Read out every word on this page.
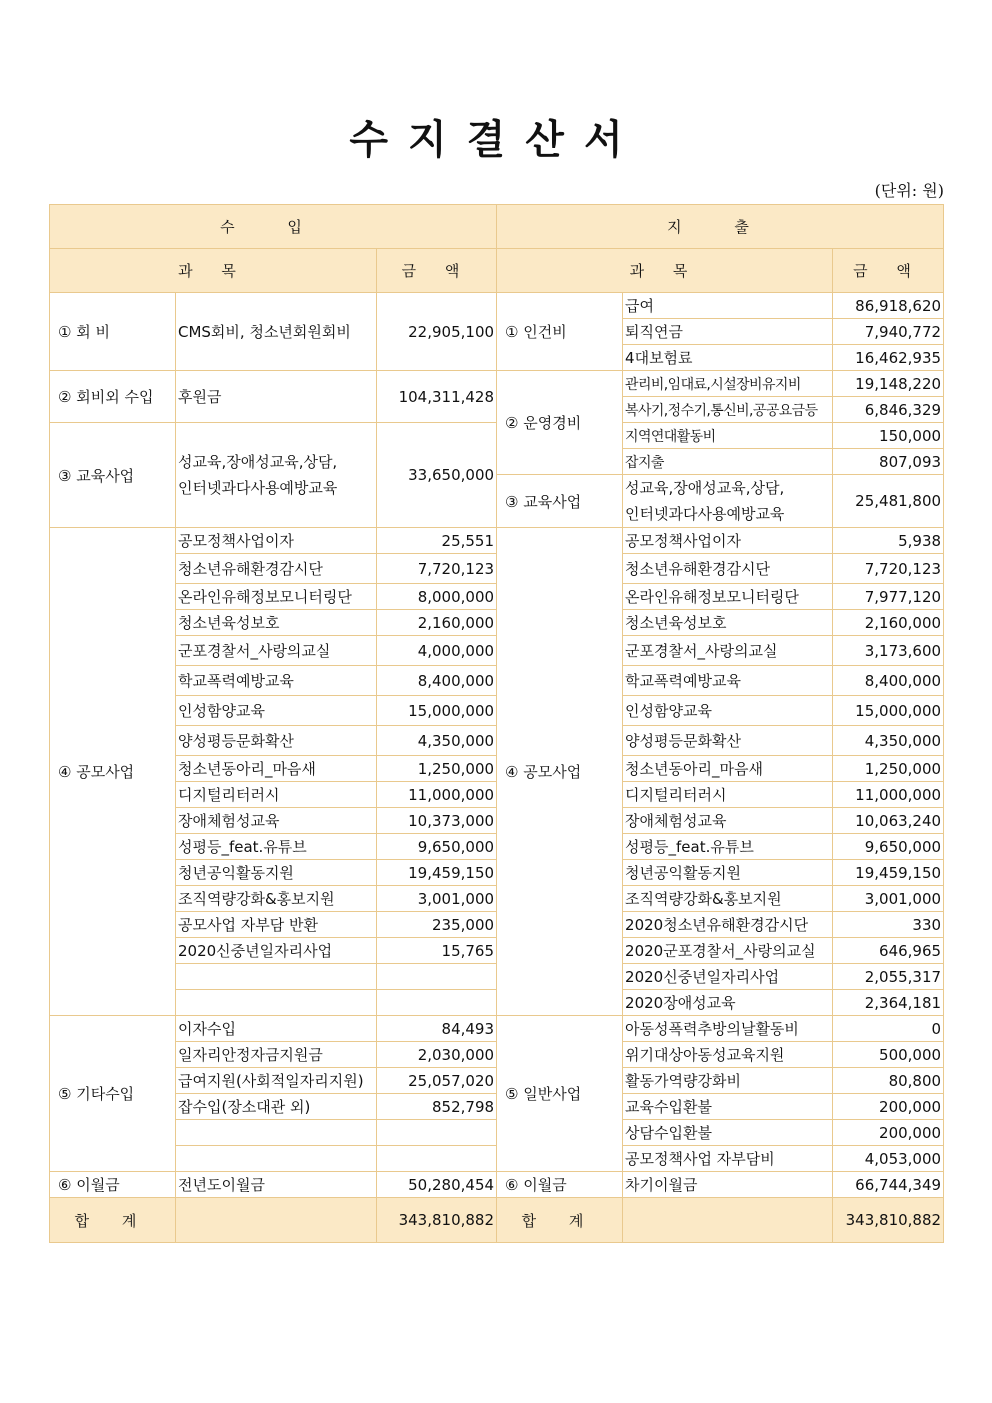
수지결산서
(단위: 원)
수 입			지 출		
과 목		금 액	과 목		금 액
① 회 비	CMS회비, 청소년회원회비	22,905,100	① 인건비	급여	86,918,620
				퇴직연금	7,940,772
				4대보험료	16,462,935
② 회비외 수입	후원금	104,311,428	② 운영경비	관리비,임대료,시설장비유지비	19,148,220
				복사기,정수기,통신비,공공요금등	6,846,329
③ 교육사업	성교육,장애성교육,상담,
인터넷과다사용예방교육	33,650,000		지역연대활동비	150,000
				잡지출	807,093
			③ 교육사업	성교육,장애성교육,상담,
인터넷과다사용예방교육	25,481,800
④ 공모사업	공모정책사업이자	25,551	④ 공모사업	공모정책사업이자	5,938
	청소년유해환경감시단	7,720,123		청소년유해환경감시단	7,720,123
	온라인유해정보모니터링단	8,000,000		온라인유해정보모니터링단	7,977,120
	청소년육성보호	2,160,000		청소년육성보호	2,160,000
	군포경찰서_사랑의교실	4,000,000		군포경찰서_사랑의교실	3,173,600
	학교폭력예방교육	8,400,000		학교폭력예방교육	8,400,000
	인성함양교육	15,000,000		인성함양교육	15,000,000
	양성평등문화확산	4,350,000		양성평등문화확산	4,350,000
	청소년동아리_마음새	1,250,000		청소년동아리_마음새	1,250,000
	디지털리터러시	11,000,000		디지털리터러시	11,000,000
	장애체험성교육	10,373,000		장애체험성교육	10,063,240
	성평등_feat.유튜브	9,650,000		성평등_feat.유튜브	9,650,000
	청년공익활동지원	19,459,150		청년공익활동지원	19,459,150
	조직역량강화&홍보지원	3,001,000		조직역량강화&홍보지원	3,001,000
	공모사업 자부담 반환	235,000		2020청소년유해환경감시단	330
	2020신중년일자리사업	15,765		2020군포경찰서_사랑의교실	646,965
				2020신중년일자리사업	2,055,317
				2020장애성교육	2,364,181
⑤ 기타수입	이자수입	84,493	⑤ 일반사업	아동성폭력추방의날활동비	0
	일자리안정자금지원금	2,030,000		위기대상아동성교육지원	500,000
	급여지원(사회적일자리지원)	25,057,020		활동가역량강화비	80,800
	잡수입(장소대관 외)	852,798		교육수입환불	200,000
				상담수입환불	200,000
				공모정책사업 자부담비	4,053,000
⑥ 이월금	전년도이월금	50,280,454	⑥ 이월금	차기이월금	66,744,349
합 계		343,810,882	합 계		343,810,882
